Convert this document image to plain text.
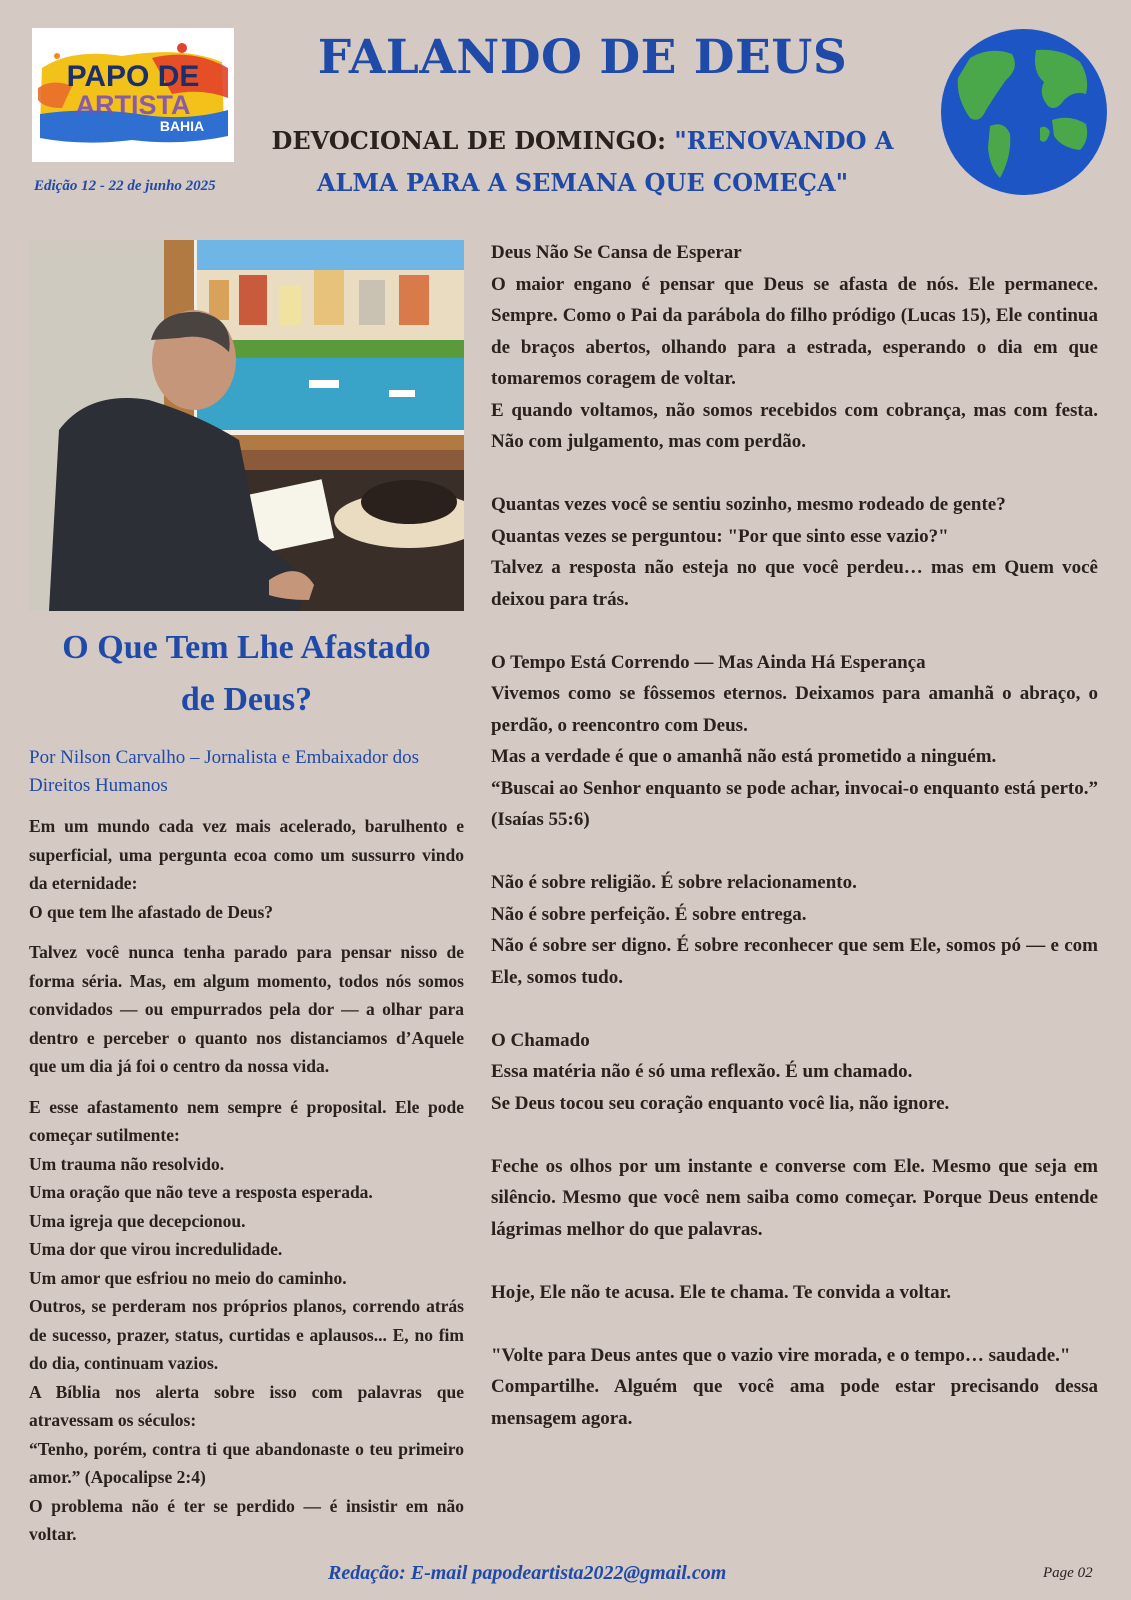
PAPO DE
ARTISTA
BAHIA
Edição 12 - 22 de junho 2025
FALANDO DE DEUS
DEVOCIONAL DE DOMINGO: "RENOVANDO A
ALMA PARA A SEMANA QUE COMEÇA"
O Que Tem Lhe Afastado
de Deus?
Por Nilson Carvalho – Jornalista e Embaixador dos Direitos Humanos

Em um mundo cada vez mais acelerado, barulhento e superficial, uma pergunta ecoa como um sussurro vindo da eternidade:
O que tem lhe afastado de Deus?

Talvez você nunca tenha parado para pensar nisso de forma séria. Mas, em algum momento, todos nós somos convidados — ou empurrados pela dor — a olhar para dentro e perceber o quanto nos distanciamos d’Aquele que um dia já foi o centro da nossa vida.

E esse afastamento nem sempre é proposital. Ele pode começar sutilmente:
Um trauma não resolvido.
Uma oração que não teve a resposta esperada.
Uma igreja que decepcionou.
Uma dor que virou incredulidade.
Um amor que esfriou no meio do caminho.
Outros, se perderam nos próprios planos, correndo atrás de sucesso, prazer, status, curtidas e aplausos... E, no fim do dia, continuam vazios.
A Bíblia nos alerta sobre isso com palavras que atravessam os séculos:
“Tenho, porém, contra ti que abandonaste o teu primeiro amor.” (Apocalipse 2:4)
O problema não é ter se perdido — é insistir em não voltar.

Deus Não Se Cansa de Esperar
O maior engano é pensar que Deus se afasta de nós. Ele permanece. Sempre. Como o Pai da parábola do filho pródigo (Lucas 15), Ele continua de braços abertos, olhando para a estrada, esperando o dia em que tomaremos coragem de voltar.
E quando voltamos, não somos recebidos com cobrança, mas com festa. Não com julgamento, mas com perdão.
Quantas vezes você se sentiu sozinho, mesmo rodeado de gente?
Quantas vezes se perguntou: "Por que sinto esse vazio?"
Talvez a resposta não esteja no que você perdeu… mas em Quem você deixou para trás.
O Tempo Está Correndo — Mas Ainda Há Esperança
Vivemos como se fôssemos eternos. Deixamos para amanhã o abraço, o perdão, o reencontro com Deus.
Mas a verdade é que o amanhã não está prometido a ninguém.
“Buscai ao Senhor enquanto se pode achar, invocai-o enquanto está perto.” (Isaías 55:6)
Não é sobre religião. É sobre relacionamento.
Não é sobre perfeição. É sobre entrega.
Não é sobre ser digno. É sobre reconhecer que sem Ele, somos pó — e com Ele, somos tudo.
O Chamado
Essa matéria não é só uma reflexão. É um chamado.
Se Deus tocou seu coração enquanto você lia, não ignore.
Feche os olhos por um instante e converse com Ele. Mesmo que seja em silêncio. Mesmo que você nem saiba como começar. Porque Deus entende lágrimas melhor do que palavras.
Hoje, Ele não te acusa. Ele te chama. Te convida a voltar.
"Volte para Deus antes que o vazio vire morada, e o tempo… saudade."
Compartilhe. Alguém que você ama pode estar precisando dessa mensagem agora.
Redação: E-mail papodeartista2022@gmail.com	Page 02
